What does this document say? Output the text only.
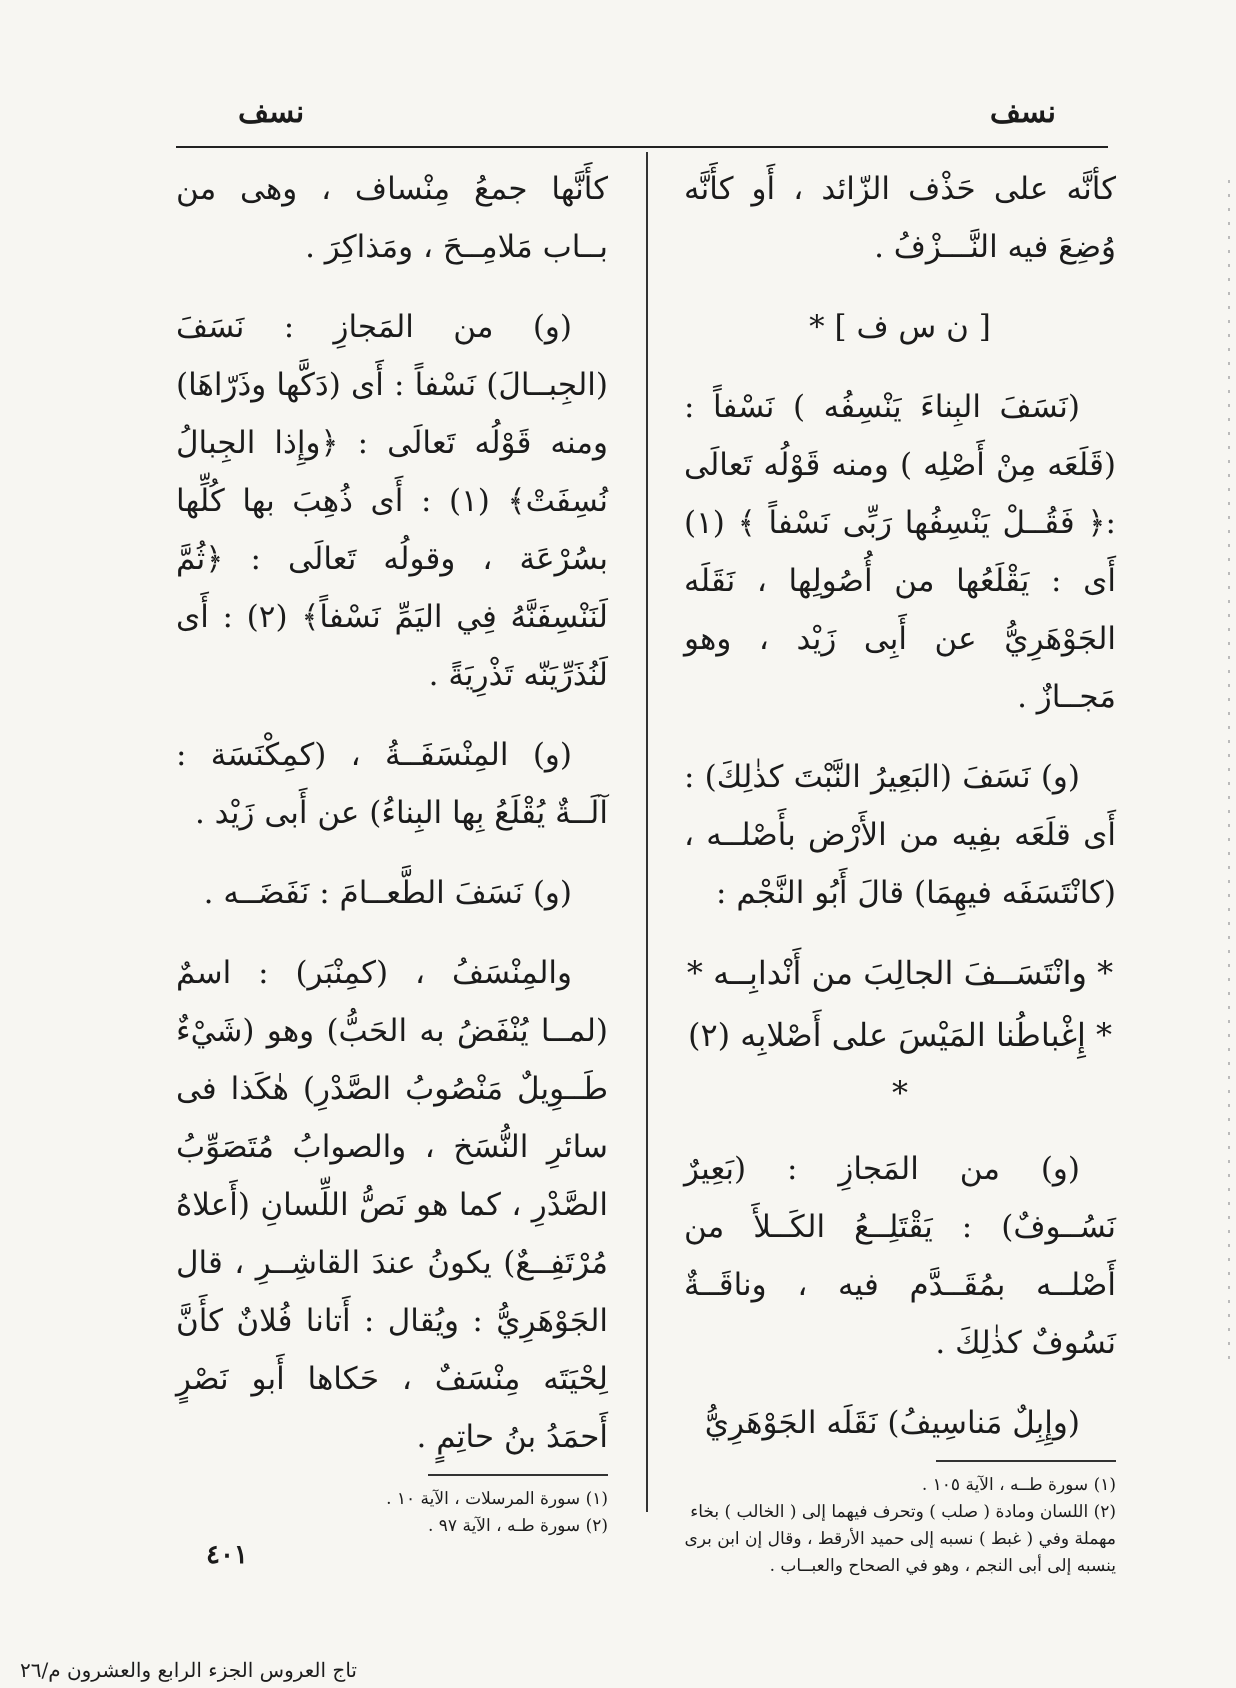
نسف
نسف

كأنَّه على حَذْف الزّائد ، أَو كأَنَّه وُضِعَ فيه النَّـــزْفُ .

[ ن س ف ] *

(نَسَفَ البِناءَ يَنْسِفُه ) نَسْفاً : (قَلَعَه مِنْ أَصْلِه ) ومنه قَوْلُه تَعالَى :﴿ فَقُــلْ يَنْسِفُها رَبِّى نَسْفاً ﴾ (١) أَى : يَقْلَعُها من أُصُولِها ، نَقَلَه الجَوْهَرِيُّ عن أَبِى زَيْد ، وهو مَجــازٌ .

(و) نَسَفَ (البَعِيرُ النَّبْتَ كذٰلِكَ) : أَى قلَعَه بفِيه من الأَرْض بأَصْلــه ، (كانْتَسَفَه فيهِمَا) قالَ أَبُو النَّجْم :

* وانْتَسَــفَ الجالِبَ من أَنْدابِــه *

* إِغْباطُنا المَيْسَ على أَصْلابِه (٢) *

(و) من المَجازِ : (بَعِيرٌ نَسُــوفٌ) : يَقْتَلِــعُ الكَــلأَ من أَصْلــه بمُقَــدَّم فيه ، وناقَــةٌ نَسُوفٌ كذٰلِكَ .

(وإِبِلٌ مَناسِيفُ) نَقَلَه الجَوْهَرِيُّ

(١) سورة طــه ، الآية ١٠٥ .

(٢) اللسان ومادة ( صلب ) وتحرف فيهما إلى ( الخالب ) بخاء مهملة وفي ( غبط ) نسبه إلى حميد الأرقط ، وقال إن ابن برى ينسبه إلى أبى النجم ، وهو في الصحاح والعبــاب .

كأَنَّها جمعُ مِنْساف ، وهى من بــاب مَلامِــحَ ، ومَذاكِرَ .

(و) من المَجازِ : نَسَفَ (الجِبــالَ) نَسْفاً : أَى (دَكَّها وذَرّاهَا) ومنه قَوْلُه تَعالَى : ﴿وإِذا الجِبالُ نُسِفَتْ﴾ (١) : أَى ذُهِبَ بها كُلِّها بسُرْعَة ، وقولُه تَعالَى : ﴿ثُمَّ لَنَنْسِفَنَّهُ فِي اليَمِّ نَسْفاً﴾ (٢) : أَى لَنُذَرِّيَنّه تَذْرِيَةً .

(و) المِنْسَفَــةُ ، (كمِكْنَسَة : آلَــةٌ يُقْلَعُ بِها البِناءُ) عن أَبى زَيْد .

(و) نَسَفَ الطَّعــامَ : نَفَضَــه .

والمِنْسَفُ ، (كمِنْبَر) : اسمٌ (لمــا يُنْفَضُ به الحَبُّ) وهو (شَيْءٌ طَــوِيلٌ مَنْصُوبُ الصَّدْرِ) هٰكَذا فى سائرِ النُّسَخ ، والصوابُ مُتَصَوِّبُ الصَّدْرِ ، كما هو نَصُّ اللِّسانِ (أَعلاهُ مُرْتَفِــعٌ) يكونُ عندَ القاشِــرِ ، قال الجَوْهَرِيُّ : ويُقال : أَتانا فُلانٌ كأَنَّ لِحْيَتَه مِنْسَفٌ ، حَكاها أَبو نَصْرٍ أَحمَدُ بنُ حاتِمٍ .

(١) سورة المرسلات ، الآية ١٠ .

(٢) سورة طـه ، الآية ٩٧ .

٤٠١
تاج العروس الجزء الرابع والعشرون م/٢٦
